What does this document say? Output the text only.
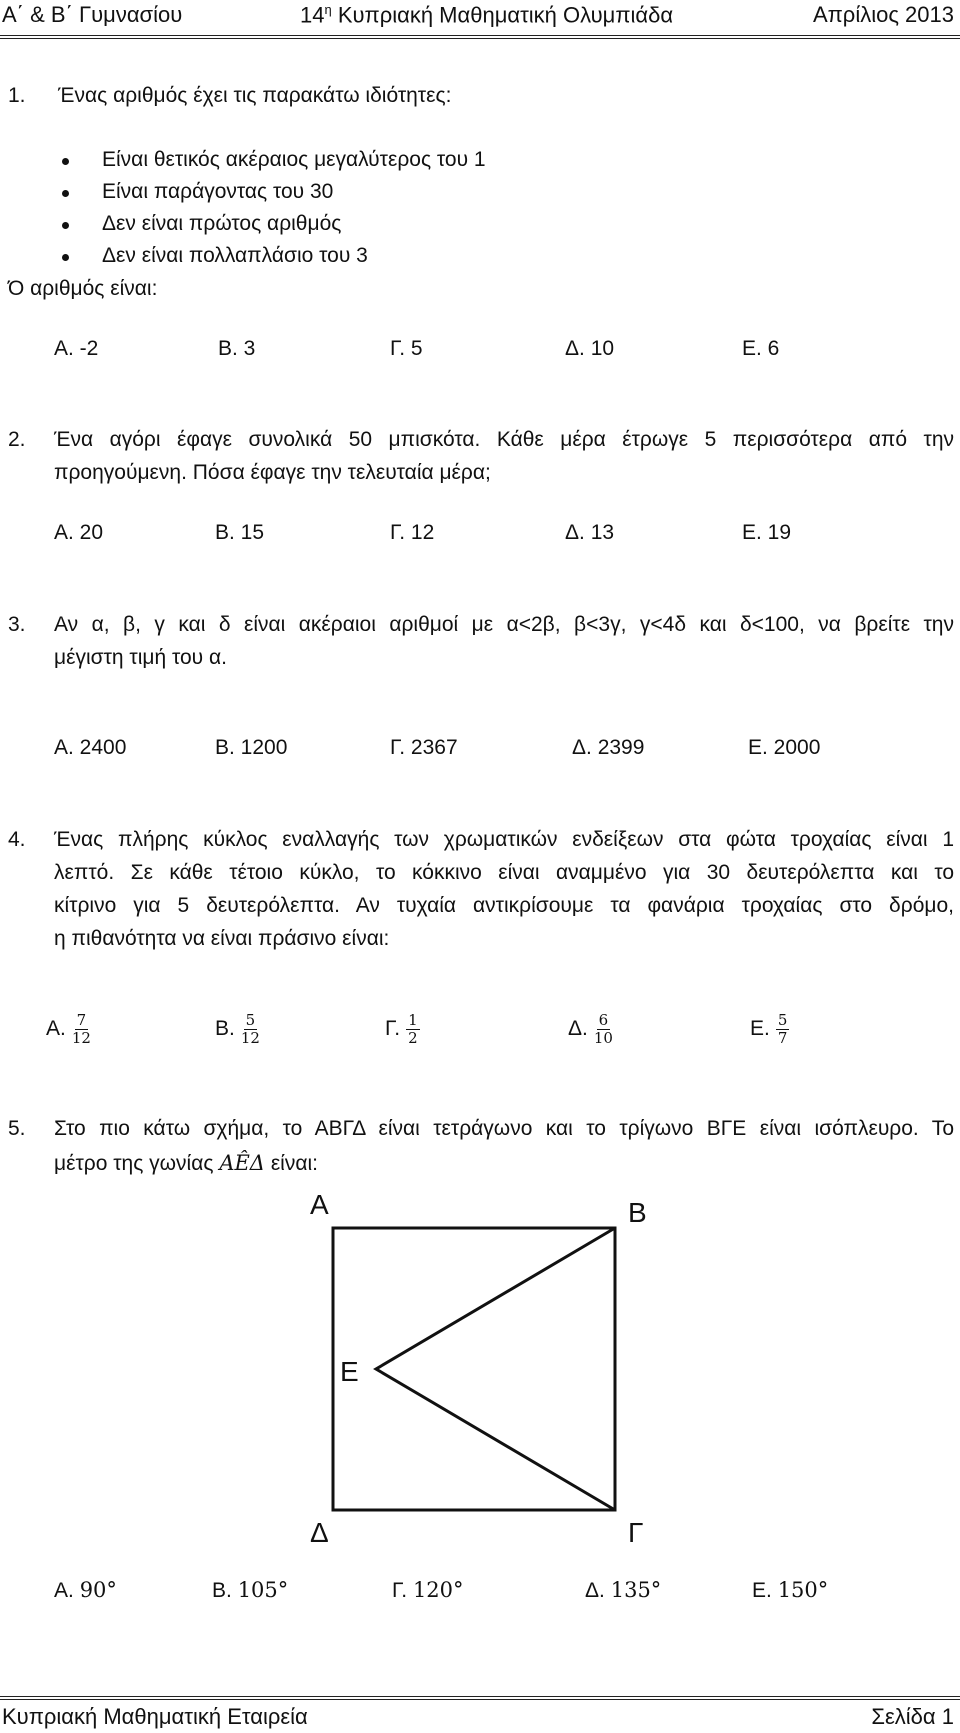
Α΄ & Β΄ Γυμνασίου	$14^\eta$ Κυπριακή Μαθηματική Ολυμπιάδα	Απρίλιος 2013
1. Ένας αριθμός έχει τις παρακάτω ιδιότητες:
Είναι θετικός ακέραιος μεγαλύτερος του 1
Είναι παράγοντας του 30
Δεν είναι πρώτος αριθμός
Δεν είναι πολλαπλάσιο του 3
Ό αριθμός είναι:
Α. -2	Β. 3	Γ. 5	Δ. 10	Ε. 6
2. Ένα αγόρι έφαγε συνολικά 50 μπισκότα. Κάθε μέρα έτρωγε 5 περισσότερα από την
προηγούμενη. Πόσα έφαγε την τελευταία μέρα;
Α. 20	Β. 15	Γ. 12	Δ. 13	Ε. 19
3. Αν α, β, γ και δ είναι ακέραιοι αριθμοί με α<2β, β<3γ, γ<4δ και δ<100, να βρείτε την
μέγιστη τιμή του α.
Α. 2400	Β. 1200	Γ. 2367	Δ. 2399	Ε. 2000
4. Ένας πλήρης κύκλος εναλλαγής των χρωματικών ενδείξεων στα φώτα τροχαίας είναι 1
λεπτό. Σε κάθε τέτοιο κύκλο, το κόκκινο είναι αναμμένο για 30 δευτερόλεπτα και το
κίτρινο για 5 δευτερόλεπτα. Αν τυχαία αντικρίσουμε τα φανάρια τροχαίας στο δρόμο,
η πιθανότητα να είναι πράσινο είναι:
Α. $\frac{7}{12}$	Β. $\frac{5}{12}$	Γ. $\frac{1}{2}$	Δ. $\frac{6}{10}$	Ε. $\frac{5}{7}$
5. Στο πιο κάτω σχήμα, το ΑΒΓΔ είναι τετράγωνο και το τρίγωνο ΒΓΕ είναι ισόπλευρο. Το
μέτρο της γωνίας ΑÊΔ είναι:
Α	Β
Ε
Δ	Γ
Α. 90°	Β. 105°	Γ. 120°	Δ. 135°	Ε. 150°
Κυπριακή Μαθηματική Εταιρεία	Σελίδα 1
